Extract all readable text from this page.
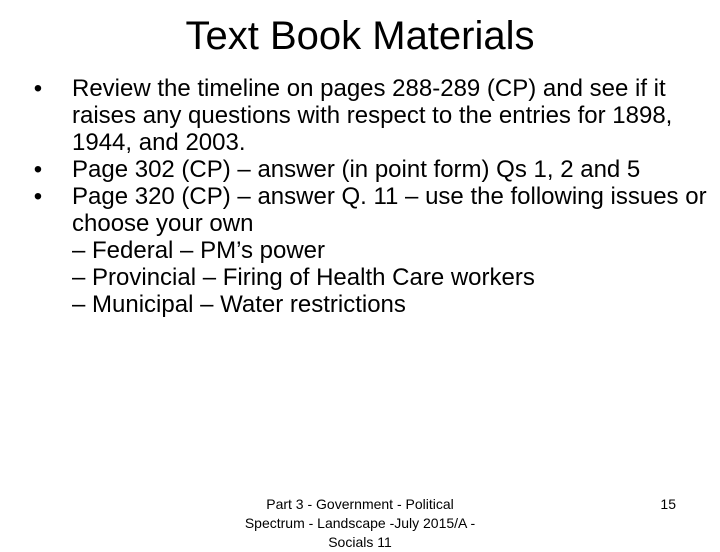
Text Book Materials

• Review the timeline on pages 288-289 (CP) and see if it raises any questions with respect to the entries for 1898, 1944, and 2003.

• Page 302 (CP) – answer (in point form) Qs 1, 2 and 5

• Page 320 (CP) – answer Q. 11 – use the following issues or choose your own

– Federal – PM’s power

– Provincial – Firing of Health Care workers

– Municipal – Water restrictions

Part 3 - Government - Political Spectrum - Landscape -July 2015/A - Socials 11
15
